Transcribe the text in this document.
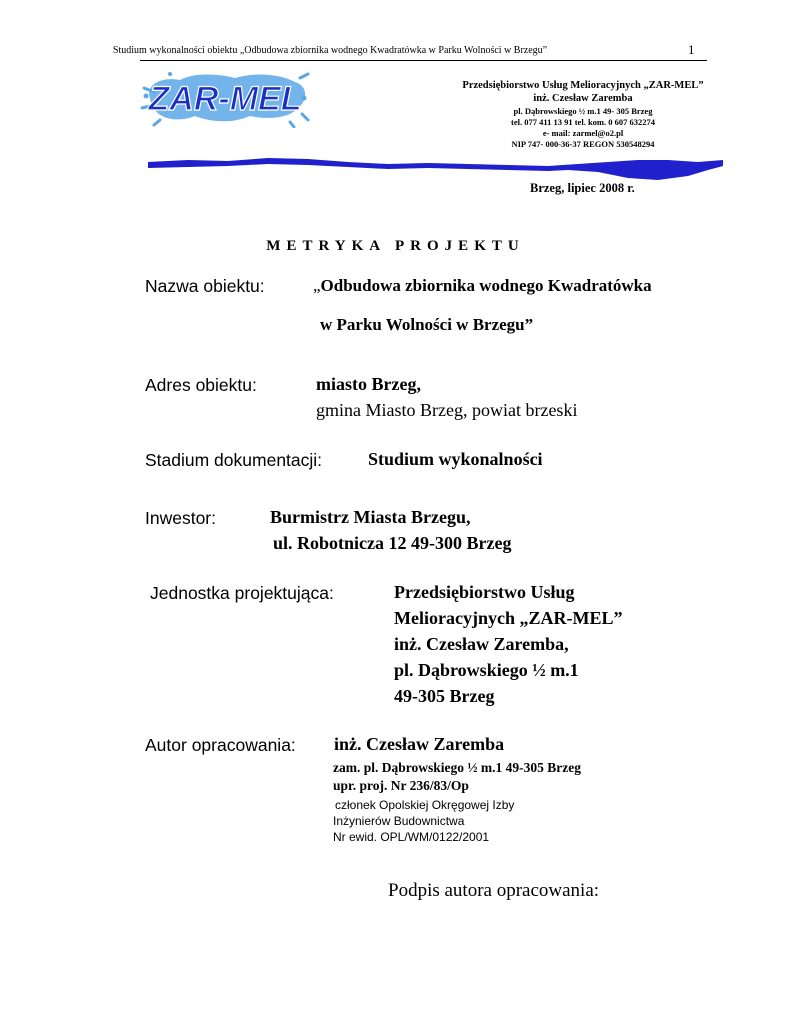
Studium wykonalności obiektu „Odbudowa zbiornika wodnego Kwadratówka w Parku Wolności w Brzegu”	1
ZAR-MEL	Przedsiębiorstwo Usług Melioracyjnych „ZAR-MEL”
inż. Czesław Zaremba
pl. Dąbrowskiego ½ m.1 49- 305 Brzeg
tel. 077 411 13 91 tel. kom. 0 607 632274
e- mail: zarmel@o2.pl
NIP 747- 000-36-37 REGON 530548294
Brzeg, lipiec 2008 r.
METRYKA PROJEKTU
Nazwa obiektu:	„Odbudowa zbiornika wodnego Kwadratówka
w Parku Wolności w Brzegu”
Adres obiektu:	miasto Brzeg,
gmina Miasto Brzeg, powiat brzeski
Stadium dokumentacji:	Studium wykonalności
Inwestor:	Burmistrz Miasta Brzegu,
ul. Robotnicza 12 49-300 Brzeg
Jednostka projektująca:	Przedsiębiorstwo Usług
Melioracyjnych „ZAR-MEL”
inż. Czesław Zaremba,
pl. Dąbrowskiego ½ m.1
49-305 Brzeg
Autor opracowania: inż. Czesław Zaremba
zam. pl. Dąbrowskiego ½ m.1 49-305 Brzeg
upr. proj. Nr 236/83/Op
członek Opolskiej Okręgowej Izby
Inżynierów Budownictwa
Nr ewid. OPL/WM/0122/2001
Podpis autora opracowania:
